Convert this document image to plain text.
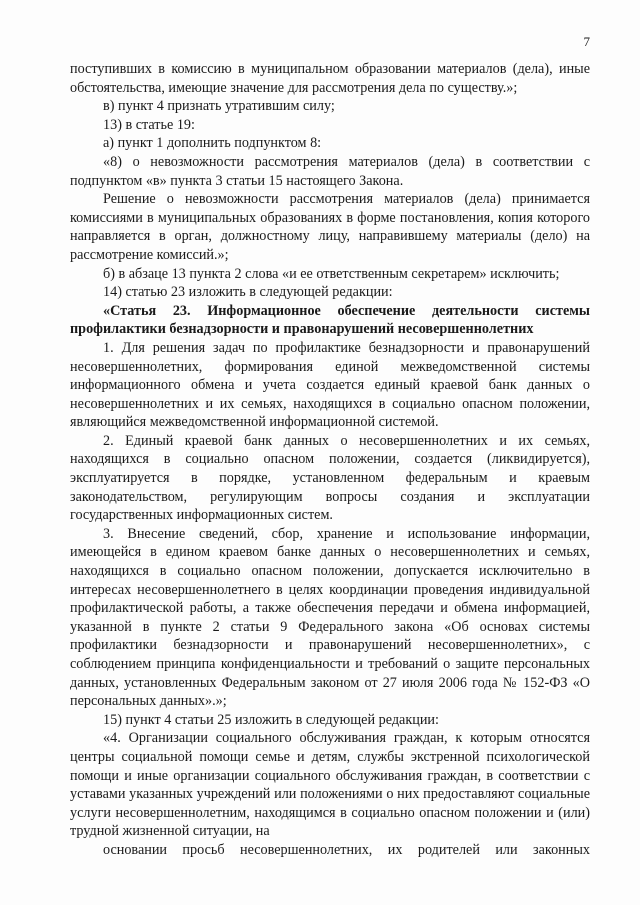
7

поступивших в комиссию в муниципальном образовании материалов (дела), иные обстоятельства, имеющие значение для рассмотрения дела по существу.»;

в) пункт 4 признать утратившим силу;

13) в статье 19:

а) пункт 1 дополнить подпунктом 8:

«8) о невозможности рассмотрения материалов (дела) в соответствии с подпунктом «в» пункта 3 статьи 15 настоящего Закона.

Решение о невозможности рассмотрения материалов (дела) принимается комиссиями в муниципальных образованиях в форме постановления, копия которого направляется в орган, должностному лицу, направившему материалы (дело) на рассмотрение комиссий.»;

б) в абзаце 13 пункта 2 слова «и ее ответственным секретарем» исключить;

14) статью 23 изложить в следующей редакции:

«Статья 23. Информационное обеспечение деятельности системы профилактики безнадзорности и правонарушений несовершеннолетних

1. Для решения задач по профилактике безнадзорности и правонарушений несовершеннолетних, формирования единой межведомственной системы информационного обмена и учета создается единый краевой банк данных о несовершеннолетних и их семьях, находящихся в социально опасном положении, являющийся межведомственной информационной системой.

2. Единый краевой банк данных о несовершеннолетних и их семьях, находящихся в социально опасном положении, создается (ликвидируется), эксплуатируется в порядке, установленном федеральным и краевым законодательством, регулирующим вопросы создания и эксплуатации государственных информационных систем.

3. Внесение сведений, сбор, хранение и использование информации, имеющейся в едином краевом банке данных о несовершеннолетних и семьях, находящихся в социально опасном положении, допускается исключительно в интересах несовершеннолетнего в целях координации проведения индивидуальной профилактической работы, а также обеспечения передачи и обмена информацией, указанной в пункте 2 статьи 9 Федерального закона «Об основах системы профилактики безнадзорности и правонарушений несовершеннолетних», с соблюдением принципа конфиденциальности и требований о защите персональных данных, установленных Федеральным законом от 27 июля 2006 года № 152-ФЗ «О персональных данных».»;

15) пункт 4 статьи 25 изложить в следующей редакции:

«4. Организации социального обслуживания граждан, к которым относятся центры социальной помощи семье и детям, службы экстренной психологической помощи и иные организации социального обслуживания граждан, в соответствии с уставами указанных учреждений или положениями о них предоставляют социальные услуги несовершеннолетним, находящимся в социально опасном положении и (или) трудной жизненной ситуации, на

основании просьб несовершеннолетних, их родителей или законных
